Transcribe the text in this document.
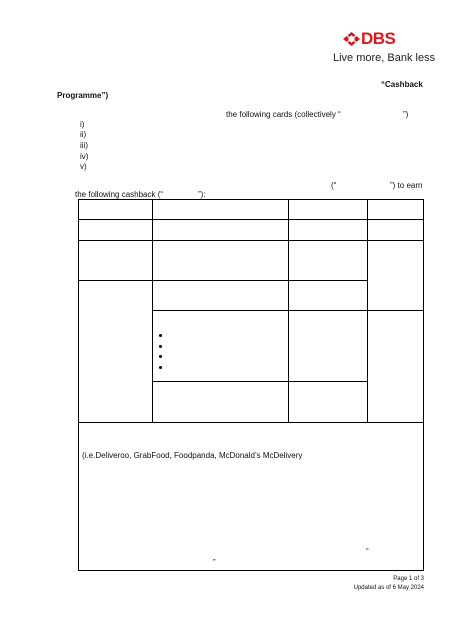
DBS
Live more, Bank less
“Cashback
Programme”)
the following cards (collectively “	”)
i)
ii)
iii)
iv)
v)
(“	”) to earn
the following cashback (“	”):
(i.e.Deliveroo, GrabFood, Foodpanda, McDonald’s McDelivery
“
”
Page 1 of 3
Updated as of 6 May 2024
